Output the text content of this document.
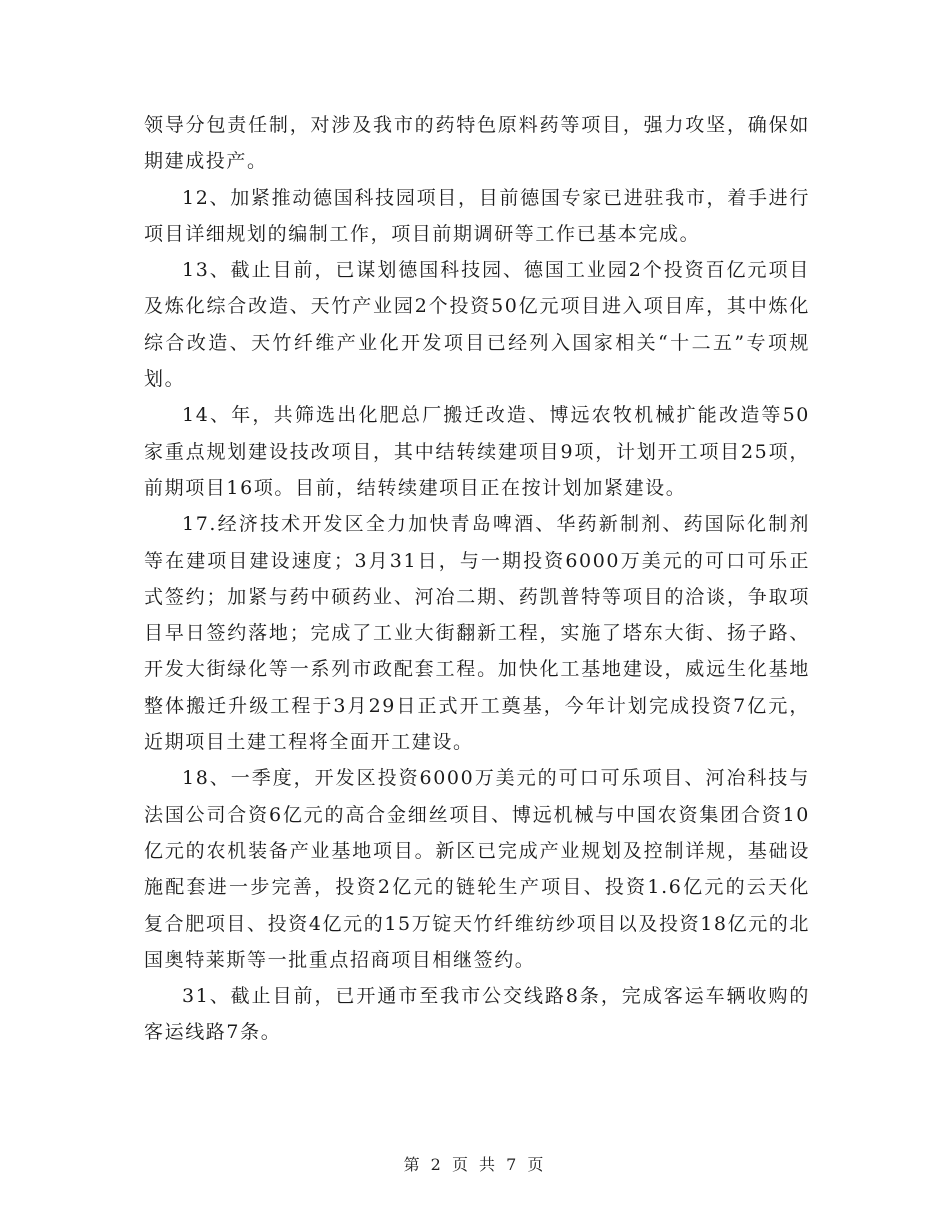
领导分包责任制，对涉及我市的药特色原料药等项目，强力攻坚，确保如期建成投产。

12、加紧推动德国科技园项目，目前德国专家已进驻我市，着手进行项目详细规划的编制工作，项目前期调研等工作已基本完成。

13、截止目前，已谋划德国科技园、德国工业园2个投资百亿元项目及炼化综合改造、天竹产业园2个投资50亿元项目进入项目库，其中炼化综合改造、天竹纤维产业化开发项目已经列入国家相关“十二五”专项规划。

14、年，共筛选出化肥总厂搬迁改造、博远农牧机械扩能改造等50家重点规划建设技改项目，其中结转续建项目9项，计划开工项目25项，前期项目16项。目前，结转续建项目正在按计划加紧建设。

17.经济技术开发区全力加快青岛啤酒、华药新制剂、药国际化制剂等在建项目建设速度；3月31日，与一期投资6000万美元的可口可乐正式签约；加紧与药中硕药业、河冶二期、药凯普特等项目的洽谈，争取项目早日签约落地；完成了工业大街翻新工程，实施了塔东大街、扬子路、开发大街绿化等一系列市政配套工程。加快化工基地建设，威远生化基地整体搬迁升级工程于3月29日正式开工奠基，今年计划完成投资7亿元，近期项目土建工程将全面开工建设。

18、一季度，开发区投资6000万美元的可口可乐项目、河冶科技与法国公司合资6亿元的高合金细丝项目、博远机械与中国农资集团合资10亿元的农机装备产业基地项目。新区已完成产业规划及控制详规，基础设施配套进一步完善，投资2亿元的链轮生产项目、投资1.6亿元的云天化复合肥项目、投资4亿元的15万锭天竹纤维纺纱项目以及投资18亿元的北国奥特莱斯等一批重点招商项目相继签约。

31、截止目前，已开通市至我市公交线路8条，完成客运车辆收购的客运线路7条。

第 2 页 共 7 页
